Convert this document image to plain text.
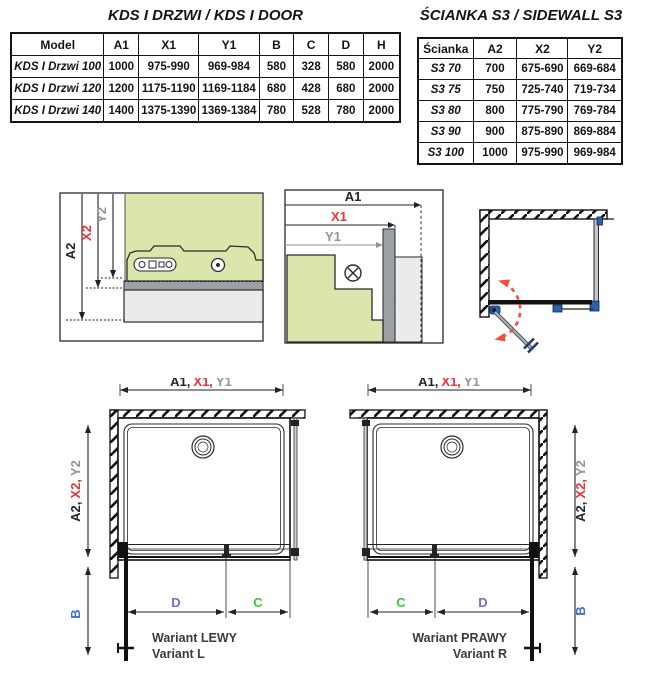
KDS I DRZWI / KDS I DOOR
Model	A1	X1	Y1	B	C	D	H
KDS I Drzwi 100	1000	975-990	969-984	580	328	580	2000
KDS I Drzwi 120	1200	1175-1190	1169-1184	680	428	680	2000
KDS I Drzwi 140	1400	1375-1390	1369-1384	780	528	780	2000
ŚCIANKA S3 / SIDEWALL S3
Ścianka	A2	X2	Y2
S3 70	700	675-690	669-684
S3 75	750	725-740	719-734
S3 80	800	775-790	769-784
S3 90	900	875-890	869-884
S3 100	1000	975-990	969-984
A2
X2
Y2
A1
X1
Y1
A1, X1, Y1
A2,X2,Y2
B
D	C
Wariant LEWY
Variant L
A1, X1, Y1
A2,X2,Y2
B
C	D
Wariant PRAWY
Variant R
